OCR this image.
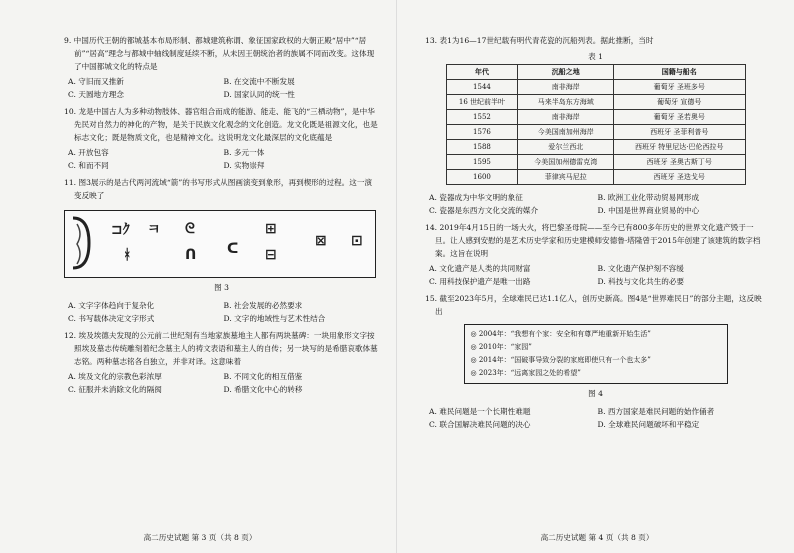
9. 中国历代王朝的都城基本布局形制、都城建筑称谓、象征国家政权的大朝正殿“居中”“居前”“居高”理念与都城中轴线制度延续不断，从未因王朝统治者的族属不同而改变。这体现了中国都城文化的特点是

A. 守旧而又推新	B. 在交流中不断发展
C. 天圆地方理念	D. 国家认同的统一性

10. 龙是中国古人为多种动物肢体、器官组合而成的能游、能走、能飞的“三栖动物”，是中华先民对自然力的神化的产物，是关于民族文化观念的文化创造。龙文化既是祖源文化，也是标志文化；既是物质文化，也是精神文化。这说明龙文化最深层的文化底蕴是

A. 开放包容	B. 多元一体
C. 和而不同	D. 实物崇拜

11. 图3展示的是古代两河流域“箭”的书写形式从图画演变到象形，再到楔形的过程。这一演变反映了

⊐ｸ ㅋ ᘓ
ᚼ	ᑎ ᑕ
⊞
⊟
⊠ ⊡
图 3
A. 文字字体趋向于复杂化	B. 社会发展的必然要求
C. 书写载体决定文字形式	D. 文字的地域性与艺术性结合

12. 埃及埃德夫发现的公元前二世纪刻有当地家族墓地主人都有两块墓碑：一块用象形文字按照埃及墓志传统雕刻着纪念墓主人的祷文表语和墓主人的自传；另一块写的是希腊哀歌体墓志铭。两种墓志铭各自独立，并非对译。这意味着

A. 埃及文化的宗教色彩浓厚	B. 不同文化的相互借鉴
C. 征服并未消除文化的隔阂	D. 希腊文化中心的转移
高二历史试题 第 3 页（共 8 页）

13. 表1为16—17世纪载有明代青花瓷的沉船列表。据此推断，当时

表 1
年代	沉船之地	国籍与船名
1544	南非海岸	葡萄牙 圣班多号
16 世纪前半叶	马来半岛东方海域	葡萄牙 宣德号
1552	南非海岸	葡萄牙 圣若奥号
1576	今美国南加州海岸	西班牙 圣菲利普号
1588	爱尔兰西北	西班牙 特里尼达·巴伦西拉号
1595	今美国加州德雷克湾	西班牙 圣奥古斯丁号
1600	菲律宾马尼拉	西班牙 圣迭戈号
A. 瓷器成为中华文明的象征	B. 欧洲工业化带动贸易网形成
C. 瓷器是东西方文化交流的媒介	D. 中国是世界商业贸易的中心

14. 2019年4月15日的一场大火，将巴黎圣母院——至今已有800多年历史的世界文化遗产毁于一旦。让人感到安慰的是艺术历史学家和历史建模师安德鲁·塔隆曾于2015年创建了该建筑的数字档案。这旨在说明

A. 文化遗产是人类的共同财富	B. 文化遗产保护刻不容缓
C. 用科技保护遗产是唯一出路	D. 科技与文化共生的必要

15. 截至2023年5月，全球难民已达1.1亿人，创历史新高。图4是“世界难民日”的部分主题，这反映出

◎ 2004年：“我想有个家：安全和有尊严地重新开始生活”
◎ 2010年：“家园”
◎ 2014年：“国破事导致分裂的家庭即使只有一个也太多”
◎ 2023年：“远离家园之处的希望”
图 4
A. 难民问题是一个长期性难题	B. 西方国家是难民问题的始作俑者
C. 联合国解决难民问题的决心	D. 全球难民问题破坏和平稳定
高二历史试题 第 4 页（共 8 页）
